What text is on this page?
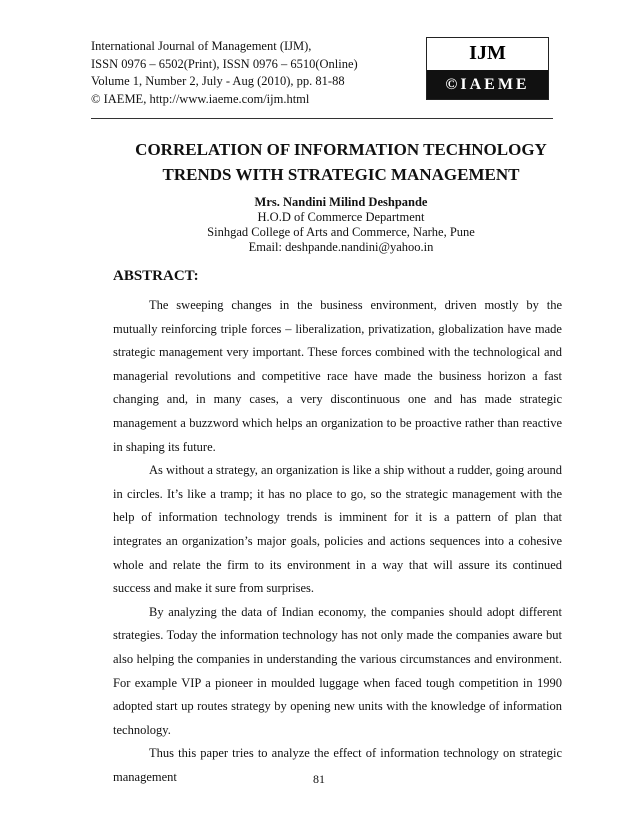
International Journal of Management (IJM),
ISSN 0976 – 6502(Print), ISSN 0976 – 6510(Online)
Volume 1, Number 2, July - Aug (2010), pp. 81-88
© IAEME, http://www.iaeme.com/ijm.html
IJM
©IAEME
CORRELATION OF INFORMATION TECHNOLOGY
TRENDS WITH STRATEGIC MANAGEMENT
Mrs. Nandini Milind Deshpande
H.O.D of Commerce Department
Sinhgad College of Arts and Commerce, Narhe, Pune
Email: deshpande.nandini@yahoo.in
ABSTRACT:

The sweeping changes in the business environment, driven mostly by the mutually reinforcing triple forces – liberalization, privatization, globalization have made strategic management very important. These forces combined with the technological and managerial revolutions and competitive race have made the business horizon a fast changing and, in many cases, a very discontinuous one and has made strategic management a buzzword which helps an organization to be proactive rather than reactive in shaping its future.

As without a strategy, an organization is like a ship without a rudder, going around in circles. It’s like a tramp; it has no place to go, so the strategic management with the help of information technology trends is imminent for it is a pattern of plan that integrates an organization’s major goals, policies and actions sequences into a cohesive whole and relate the firm to its environment in a way that will assure its continued success and make it sure from surprises.

By analyzing the data of Indian economy, the companies should adopt different strategies. Today the information technology has not only made the companies aware but also helping the companies in understanding the various circumstances and environment. For example VIP a pioneer in moulded luggage when faced tough competition in 1990 adopted start up routes strategy by opening new units with the knowledge of information technology.

Thus this paper tries to analyze the effect of information technology on strategic management	81
